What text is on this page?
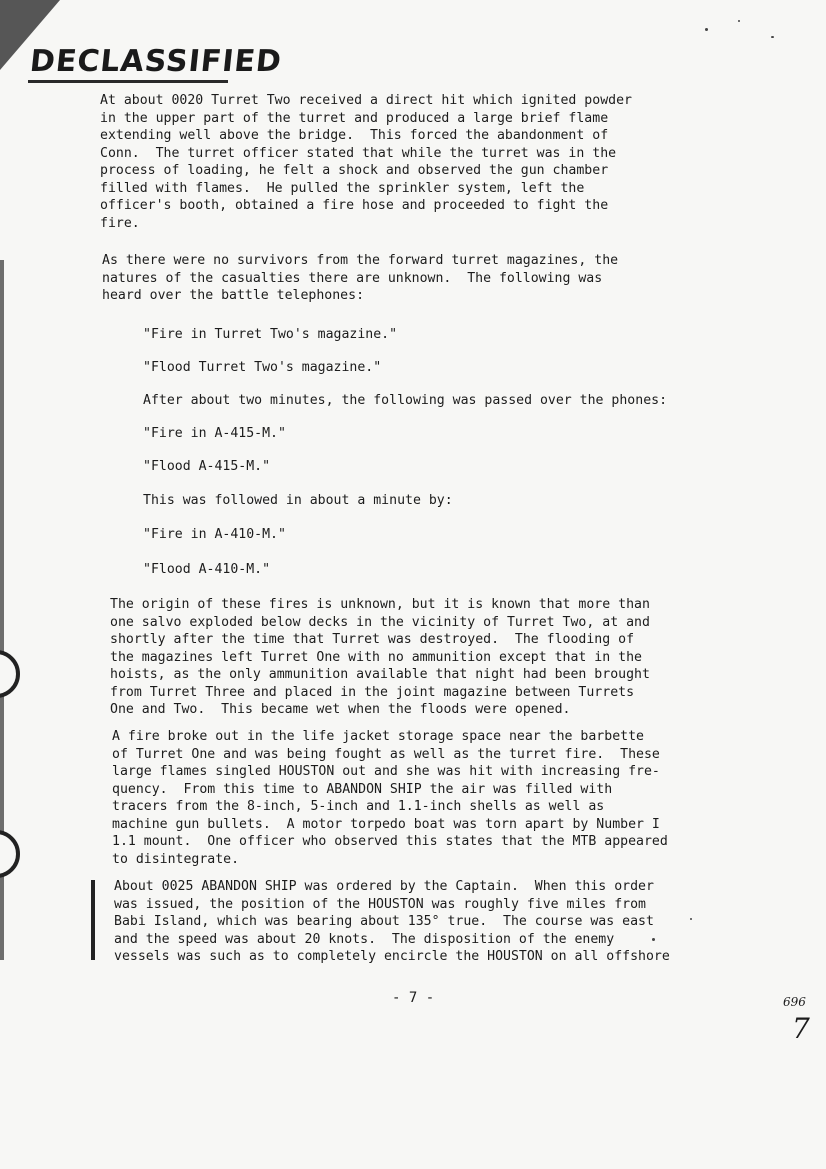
DECLASSIFIED

At about 0020 Turret Two received a direct hit which ignited powder
in the upper part of the turret and produced a large brief flame
extending well above the bridge.  This forced the abandonment of
Conn.  The turret officer stated that while the turret was in the
process of loading, he felt a shock and observed the gun chamber
filled with flames.  He pulled the sprinkler system, left the
officer's booth, obtained a fire hose and proceeded to fight the
fire.

As there were no survivors from the forward turret magazines, the
natures of the casualties there are unknown.  The following was
heard over the battle telephones:

"Fire in Turret Two's magazine."

"Flood Turret Two's magazine."

After about two minutes, the following was passed over the phones:

"Fire in A-415-M."

"Flood A-415-M."

This was followed in about a minute by:

"Fire in A-410-M."

"Flood A-410-M."

The origin of these fires is unknown, but it is known that more than
one salvo exploded below decks in the vicinity of Turret Two, at and
shortly after the time that Turret was destroyed.  The flooding of
the magazines left Turret One with no ammunition except that in the
hoists, as the only ammunition available that night had been brought
from Turret Three and placed in the joint magazine between Turrets
One and Two.  This became wet when the floods were opened.

A fire broke out in the life jacket storage space near the barbette
of Turret One and was being fought as well as the turret fire.  These
large flames singled HOUSTON out and she was hit with increasing fre-
quency.  From this time to ABANDON SHIP the air was filled with
tracers from the 8-inch, 5-inch and 1.1-inch shells as well as
machine gun bullets.  A motor torpedo boat was torn apart by Number I
1.1 mount.  One officer who observed this states that the MTB appeared
to disintegrate.

About 0025 ABANDON SHIP was ordered by the Captain.  When this order
was issued, the position of the HOUSTON was roughly five miles from
Babi Island, which was bearing about 135° true.  The course was east
and the speed was about 20 knots.  The disposition of the enemy
vessels was such as to completely encircle the HOUSTON on all offshore

- 7 -	696
7
